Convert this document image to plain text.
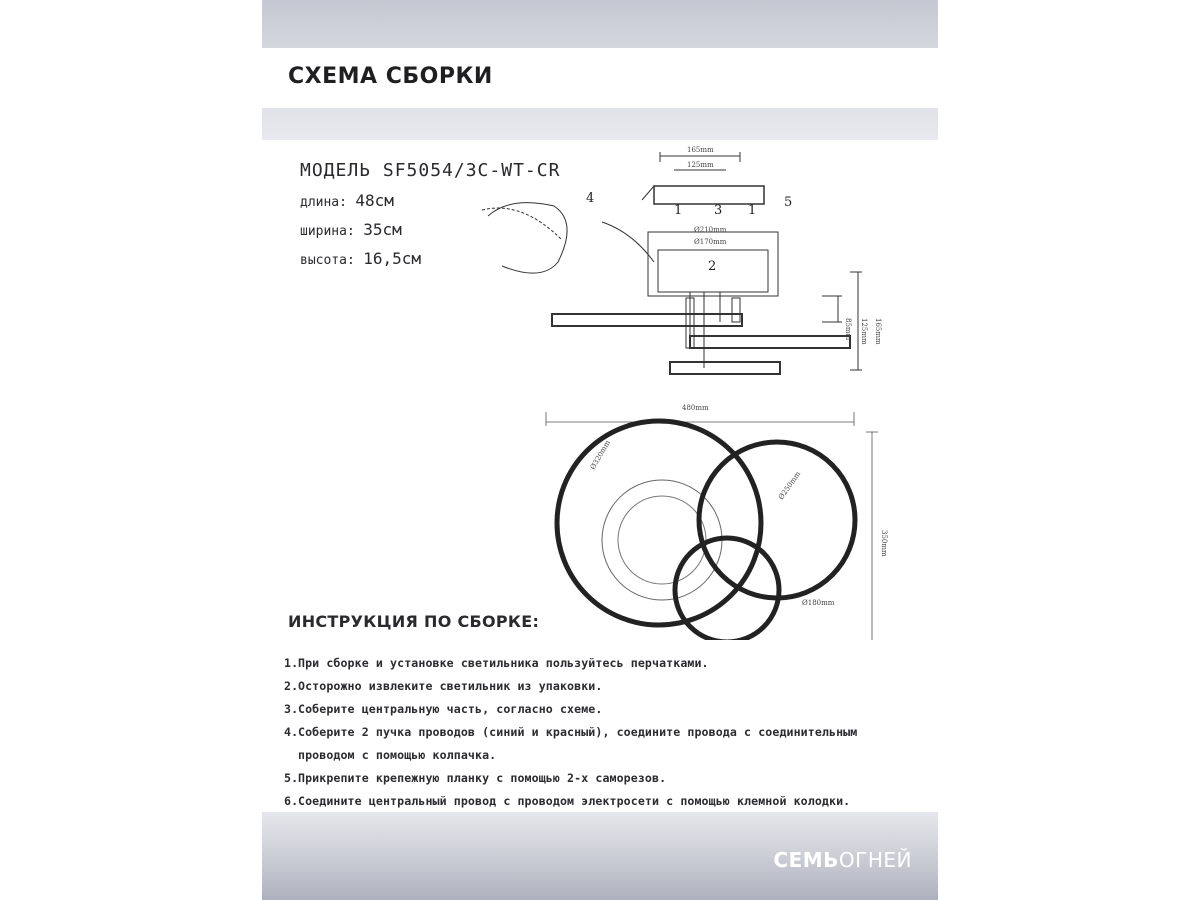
СХЕМА СБОРКИ
МОДЕЛЬ SF5054/3C-WT-CR
длина: 48см
ширина: 35см
высота: 16,5см
165mm
125mm
Ø210mm
Ø170mm
85mm 125mm 165mm
4	5
1 3 1
2
480mm
350mm
Ø320mm
Ø250mm
Ø180mm
ИНСТРУКЦИЯ ПО СБОРКЕ:
1.При сборке и установке светильника пользуйтесь перчатками.
2.Осторожно извлеките светильник из упаковки.
3.Соберите центральную часть, согласно схеме.
4.Соберите 2 пучка проводов (синий и красный), соедините провода с соединительным
проводом с помощью колпачка.
5.Прикрепите крепежную планку с помощью 2-х саморезов.
6.Соедините центральный провод с проводом электросети с помощью клемной колодки.
СЕМЬОГНЕЙ
